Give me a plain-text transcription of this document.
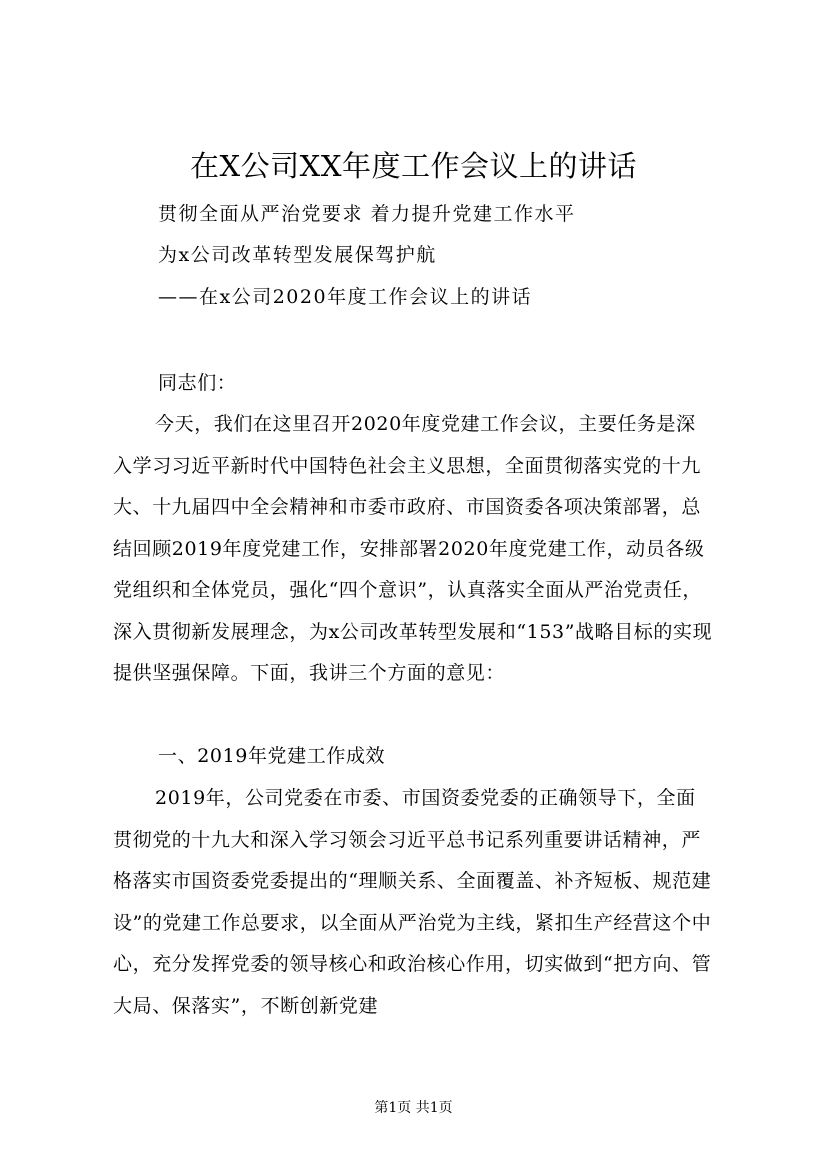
在X公司XX年度工作会议上的讲话
贯彻全面从严治党要求 着力提升党建工作水平
为x公司改革转型发展保驾护航
——在x公司2020年度工作会议上的讲话
同志们：
今天，我们在这里召开2020年度党建工作会议，主要任务是深入学习习近平新时代中国特色社会主义思想，全面贯彻落实党的十九大、十九届四中全会精神和市委市政府、市国资委各项决策部署，总结回顾2019年度党建工作，安排部署2020年度党建工作，动员各级党组织和全体党员，强化“四个意识”，认真落实全面从严治党责任，深入贯彻新发展理念，为x公司改革转型发展和“153”战略目标的实现提供坚强保障。下面，我讲三个方面的意见：
一、2019年党建工作成效
2019年，公司党委在市委、市国资委党委的正确领导下，全面贯彻党的十九大和深入学习领会习近平总书记系列重要讲话精神，严格落实市国资委党委提出的“理顺关系、全面覆盖、补齐短板、规范建设”的党建工作总要求，以全面从严治党为主线，紧扣生产经营这个中心，充分发挥党委的领导核心和政治核心作用，切实做到“把方向、管大局、保落实”，不断创新党建
第1页 共1页
